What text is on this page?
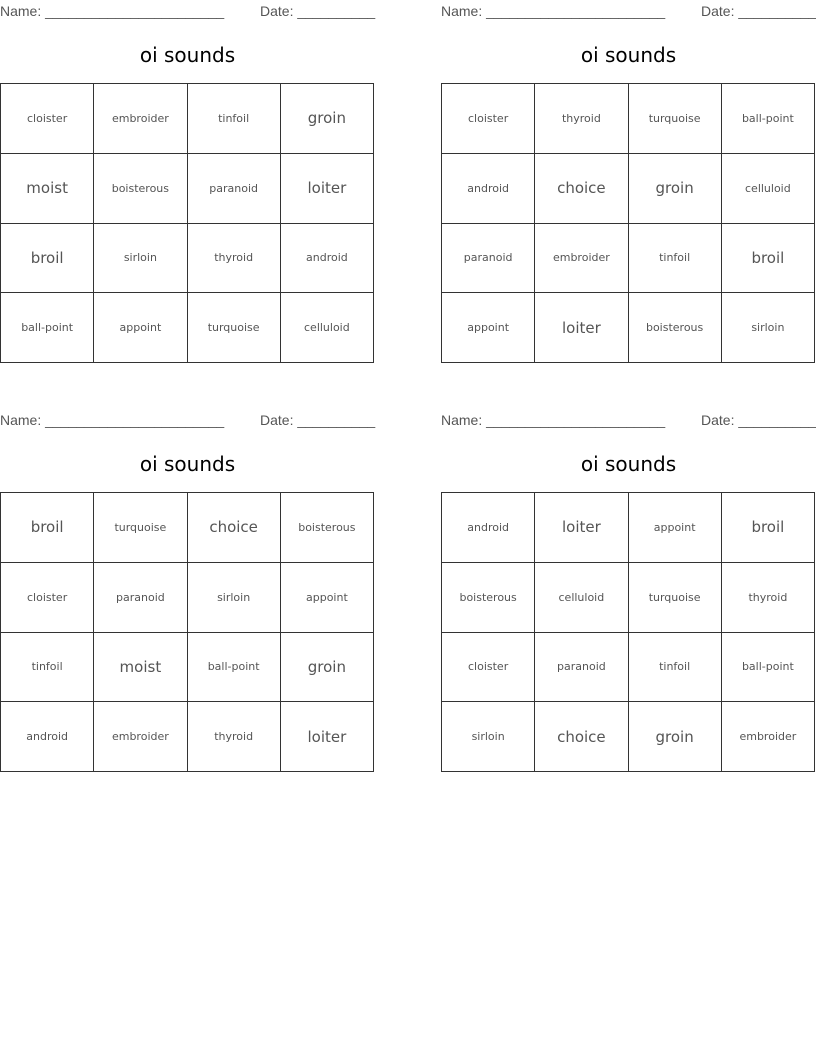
Name: _______________________	Date: __________
oi sounds
cloister	embroider	tinfoil	groin
moist	boisterous	paranoid	loiter
broil	sirloin	thyroid	android
ball-point	appoint	turquoise	celluloid
Name: _______________________	Date: __________
oi sounds
cloister	thyroid	turquoise	ball-point
android	choice	groin	celluloid
paranoid	embroider	tinfoil	broil
appoint	loiter	boisterous	sirloin
Name: _______________________	Date: __________
oi sounds
broil	turquoise	choice	boisterous
cloister	paranoid	sirloin	appoint
tinfoil	moist	ball-point	groin
android	embroider	thyroid	loiter
Name: _______________________	Date: __________
oi sounds
android	loiter	appoint	broil
boisterous	celluloid	turquoise	thyroid
cloister	paranoid	tinfoil	ball-point
sirloin	choice	groin	embroider
